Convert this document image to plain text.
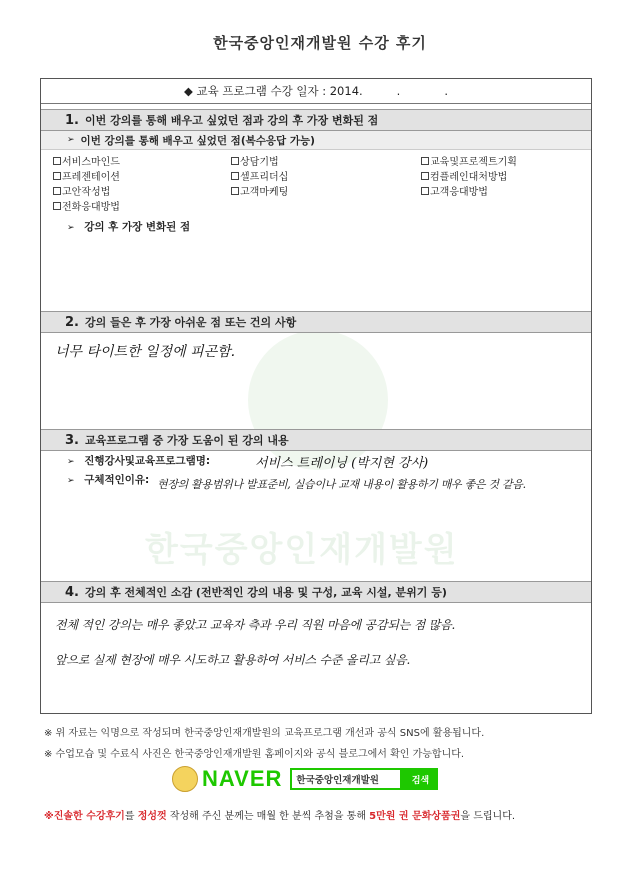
한국중앙인재개발원 수강 후기
한국중앙인재개발원
◆ 교육 프로그램 수강 일자 : 2014.	.	.
1. 이번 강의를 통해 배우고 싶었던 점과 강의 후 가장 변화된 점
➢ 이번 강의를 통해 배우고 싶었던 점(복수응답 가능)
서비스마인드	상담기법	교육및프로젝트기획
프레젠테이션	셀프리더십	컴플레인대처방법
고안작성법	고객마케팅	고객응대방법
전화응대방법
➢ 강의 후 가장 변화된 점
2. 강의 들은 후 가장 아쉬운 점 또는 건의 사항
너무 타이트한 일정에 피곤함.
3. 교육프로그램 중 가장 도움이 된 강의 내용
➢ 진행강사및교육프로그램명:	서비스 트레이닝 (박지현 강사)
➢ 구체적인이유: 현장의 활용범위나 발표준비, 실습이나 교재 내용이 활용하기 매우 좋은 것 같음.
4. 강의 후 전체적인 소감 (전반적인 강의 내용 및 구성, 교육 시설, 분위기 등)
전체 적인 강의는 매우 좋았고 교육자 측과 우리 직원 마음에 공감되는 점 많음.
앞으로 실제 현장에 매우 시도하고 활용하여 서비스 수준 올리고 싶음.
※ 위 자료는 익명으로 작성되며 한국중앙인재개발원의 교육프로그램 개선과 공식 SNS에 활용됩니다.
※ 수업모습 및 수료식 사진은 한국중앙인재개발원 홈페이지와 공식 블로그에서 확인 가능합니다.
NAVER	한국중앙인재개발원	검색
※진솔한 수강후기를 정성껏 작성해 주신 분께는 매월 한 분씩 추첨을 통해 5만원 권 문화상품권을 드립니다.
